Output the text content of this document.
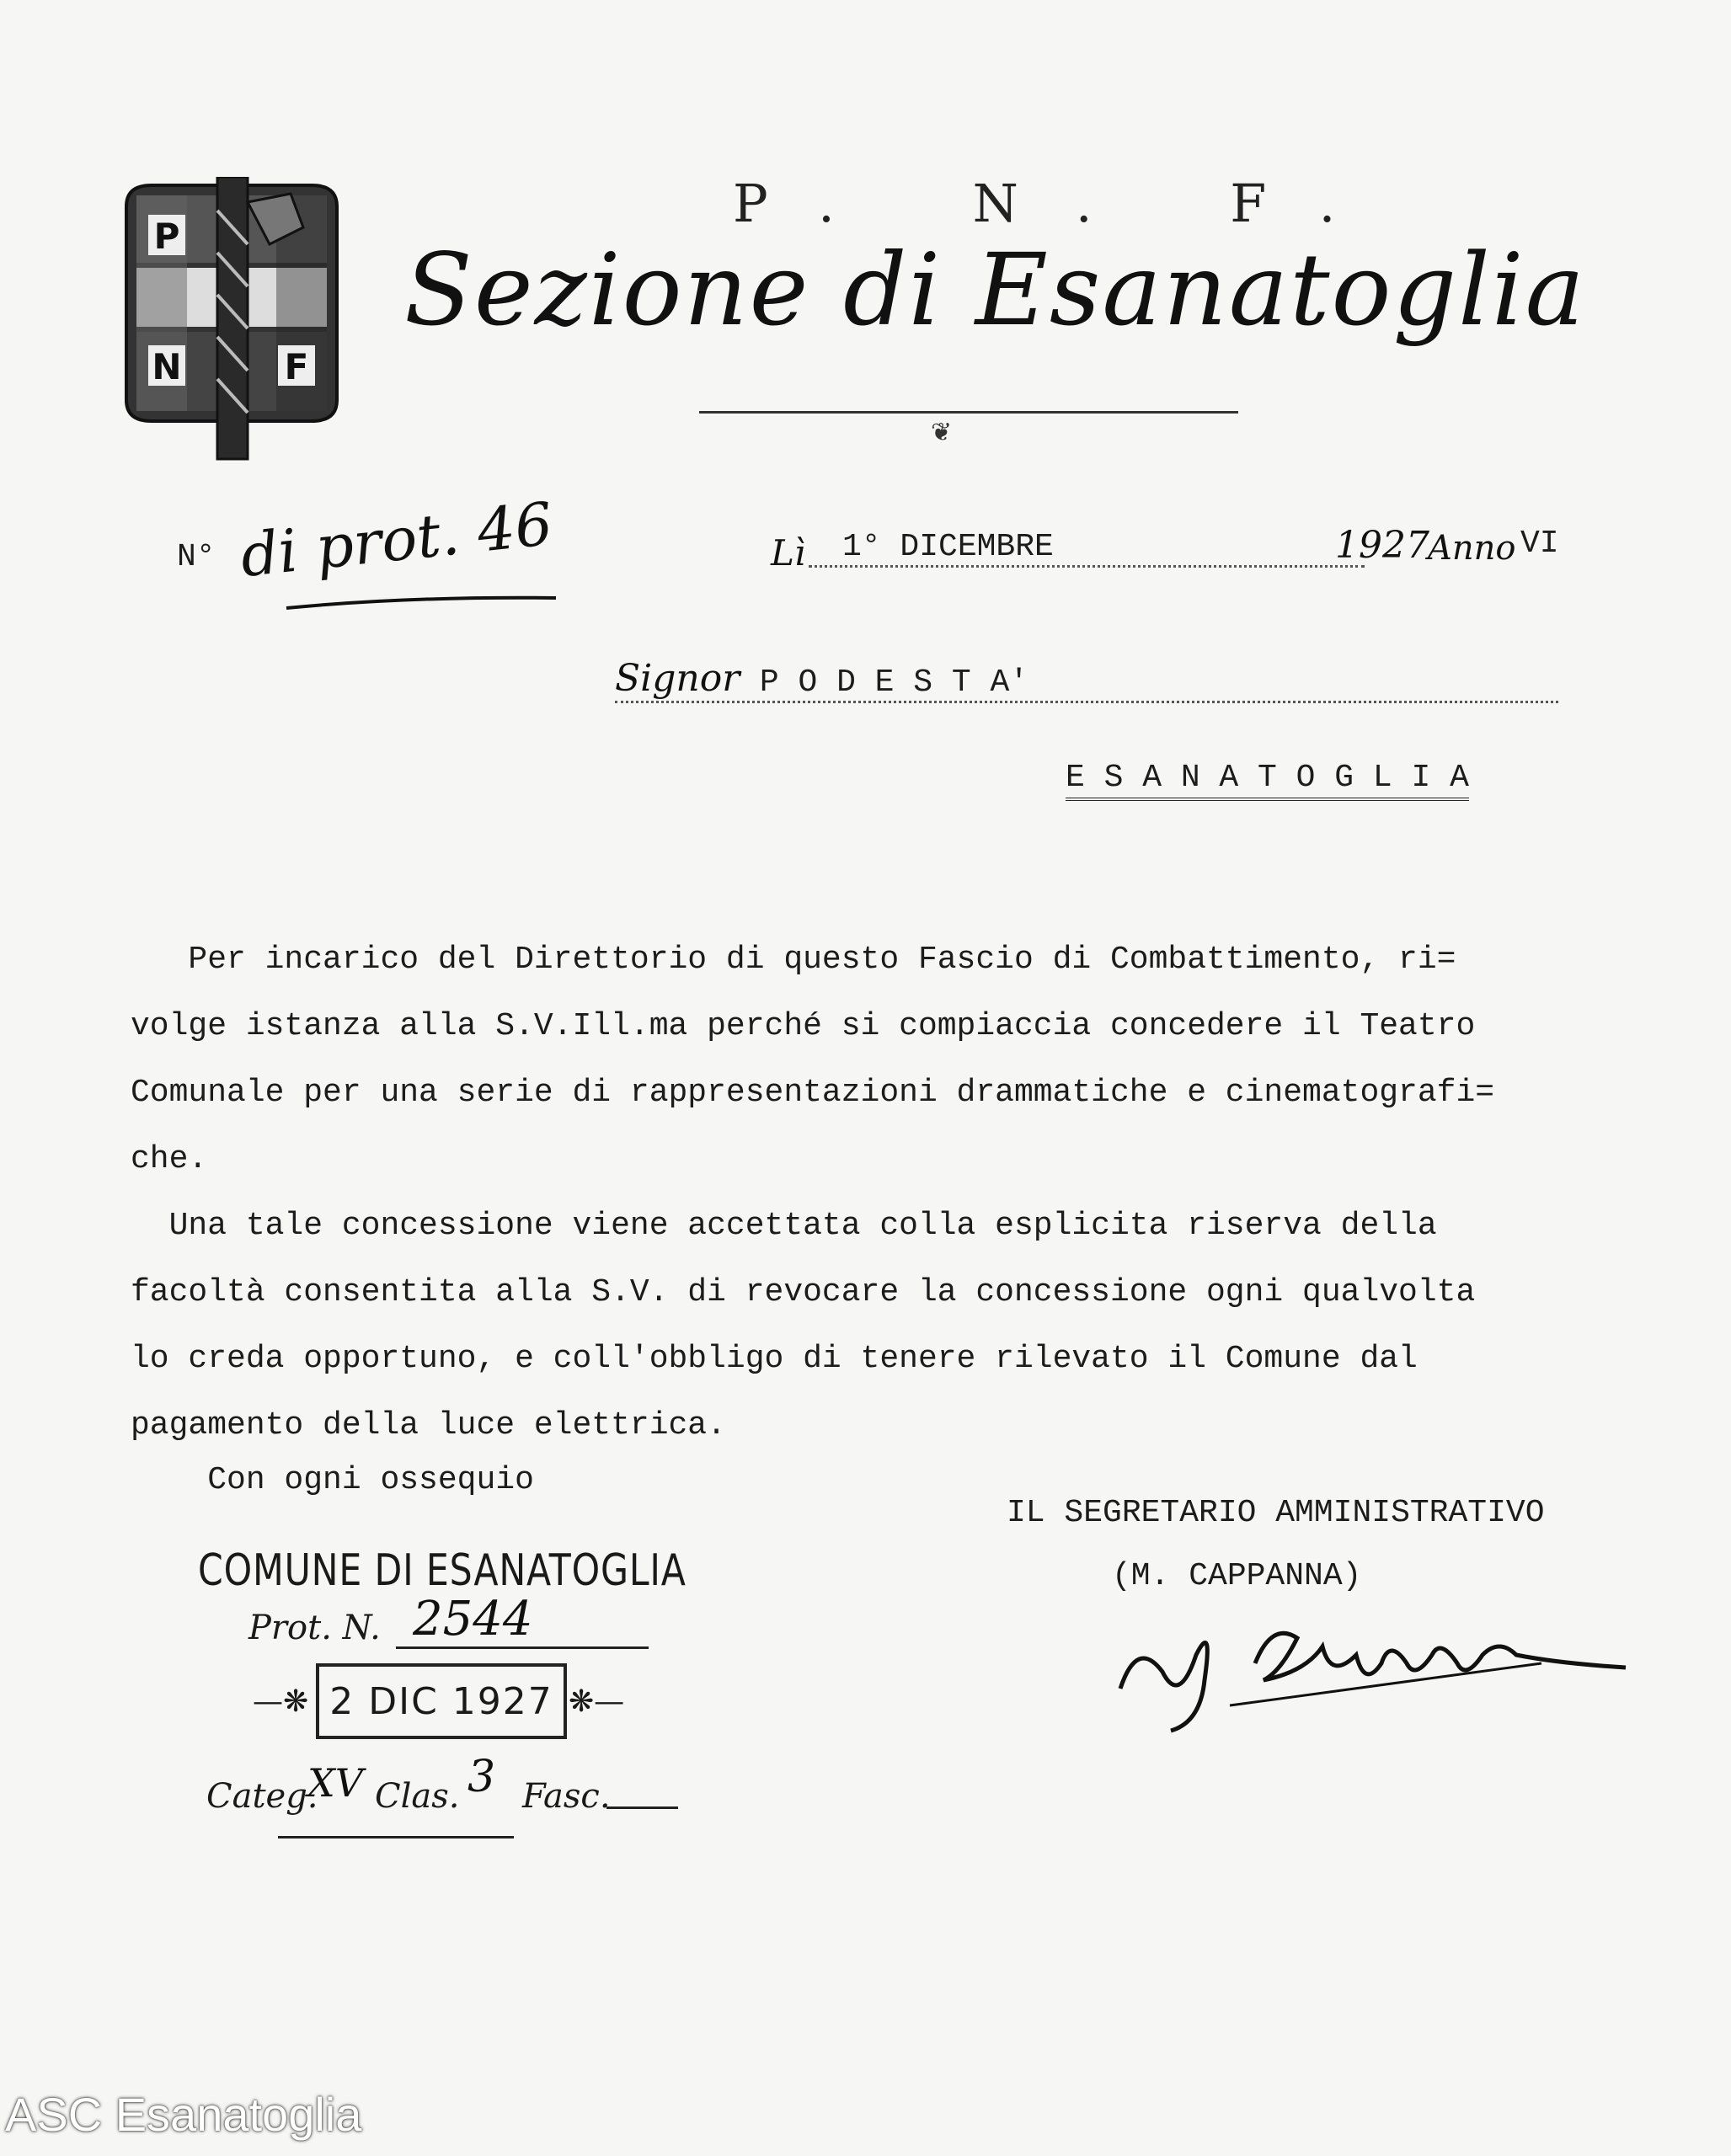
P
N	F
P. N. F.
Sezione di Esanatoglia
❦
N° di prot. 46	Lì	1° DICEMBRE	1927
Anno VI
Signor P O D E S T A'
E S A N A T O G L I A
Per incarico del Direttorio di questo Fascio di Combattimento, ri=
volge istanza alla S.V.Ill.ma perché si compiaccia concedere il Teatro
Comunale per una serie di rappresentazioni drammatiche e cinematografi=
che.
Una tale concessione viene accettata colla esplicita riserva della
facoltà consentita alla S.V. di revocare la concessione ogni qualvolta
lo creda opportuno, e coll'obbligo di tenere rilevato il Comune dal
pagamento della luce elettrica.
Con ogni ossequio
IL SEGRETARIO AMMINISTRATIVO
(M. CAPPANNA)
COMUNE DI ESANATOGLIA
Prot. N. 2544
—❋ 2 DIC 1927 ❋—
Categ.
XV Clas. 3 Fasc.
ASC Esanatoglia
